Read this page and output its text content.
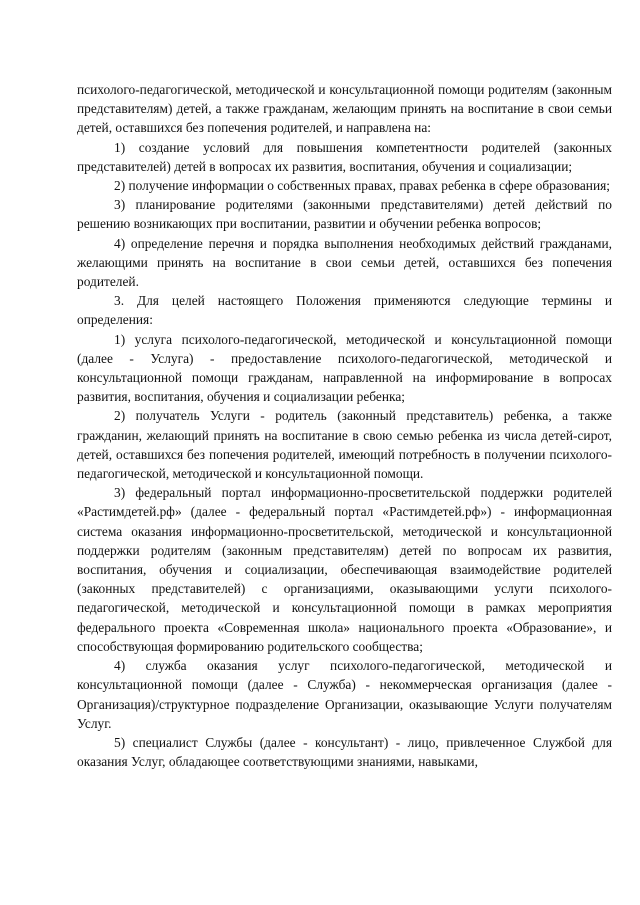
психолого-педагогической, методической и консультационной помощи родителям (законным представителям) детей, а также гражданам, желающим принять на воспитание в свои семьи детей, оставшихся без попечения родителей, и направлена на:

1) создание условий для повышения компетентности родителей (законных представителей) детей в вопросах их развития, воспитания, обучения и социализации;

2) получение информации о собственных правах, правах ребенка в сфере образования;

3) планирование родителями (законными представителями) детей действий по решению возникающих при воспитании, развитии и обучении ребенка вопросов;

4) определение перечня и порядка выполнения необходимых действий гражданами, желающими принять на воспитание в свои семьи детей, оставшихся без попечения родителей.

3. Для целей настоящего Положения применяются следующие термины и определения:

1) услуга психолого-педагогической, методической и консультационной помощи (далее - Услуга) - предоставление психолого-педагогической, методической и консультационной помощи гражданам, направленной на информирование в вопросах развития, воспитания, обучения и социализации ребенка;

2) получатель Услуги - родитель (законный представитель) ребенка, а также гражданин, желающий принять на воспитание в свою семью ребенка из числа детей-сирот, детей, оставшихся без попечения родителей, имеющий потребность в получении психолого-педагогической, методической и консультационной помощи.

3) федеральный портал информационно-просветительской поддержки родителей «Растимдетей.рф» (далее - федеральный портал «Растимдетей.рф») - информационная система оказания информационно-просветительской, методической и консультационной поддержки родителям (законным представителям) детей по вопросам их развития, воспитания, обучения и социализации, обеспечивающая взаимодействие родителей (законных представителей) с организациями, оказывающими услуги психолого-педагогической, методической и консультационной помощи в рамках мероприятия федерального проекта «Современная школа» национального проекта «Образование», и способствующая формированию родительского сообщества;

4) служба оказания услуг психолого-педагогической, методической и консультационной помощи (далее - Служба) - некоммерческая организация (далее - Организация)/структурное подразделение Организации, оказывающие Услуги получателям Услуг.

5) специалист Службы (далее - консультант) - лицо, привлеченное Службой для оказания Услуг, обладающее соответствующими знаниями, навыками,
